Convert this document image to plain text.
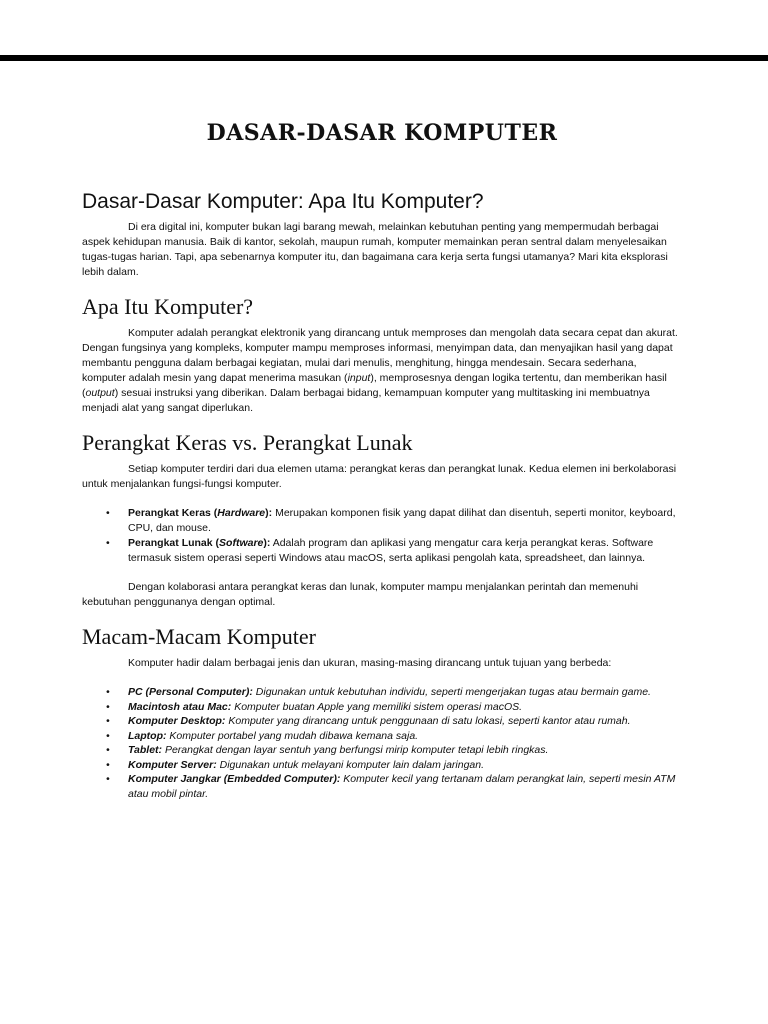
DASAR-DASAR KOMPUTER
Dasar-Dasar Komputer: Apa Itu Komputer?

Di era digital ini, komputer bukan lagi barang mewah, melainkan kebutuhan penting yang mempermudah berbagai aspek kehidupan manusia. Baik di kantor, sekolah, maupun rumah, komputer memainkan peran sentral dalam menyelesaikan tugas-tugas harian. Tapi, apa sebenarnya komputer itu, dan bagaimana cara kerja serta fungsi utamanya? Mari kita eksplorasi lebih dalam.

Apa Itu Komputer?

Komputer adalah perangkat elektronik yang dirancang untuk memproses dan mengolah data secara cepat dan akurat. Dengan fungsinya yang kompleks, komputer mampu memproses informasi, menyimpan data, dan menyajikan hasil yang dapat membantu pengguna dalam berbagai kegiatan, mulai dari menulis, menghitung, hingga mendesain. Secara sederhana, komputer adalah mesin yang dapat menerima masukan (input), memprosesnya dengan logika tertentu, dan memberikan hasil (output) sesuai instruksi yang diberikan. Dalam berbagai bidang, kemampuan komputer yang multitasking ini membuatnya menjadi alat yang sangat diperlukan.

Perangkat Keras vs. Perangkat Lunak

Setiap komputer terdiri dari dua elemen utama: perangkat keras dan perangkat lunak. Kedua elemen ini berkolaborasi untuk menjalankan fungsi-fungsi komputer.

• Perangkat Keras (Hardware): Merupakan komponen fisik yang dapat dilihat dan disentuh, seperti monitor, keyboard, CPU, dan mouse.
• Perangkat Lunak (Software): Adalah program dan aplikasi yang mengatur cara kerja perangkat keras. Software termasuk sistem operasi seperti Windows atau macOS, serta aplikasi pengolah kata, spreadsheet, dan lainnya.

Dengan kolaborasi antara perangkat keras dan lunak, komputer mampu menjalankan perintah dan memenuhi kebutuhan penggunanya dengan optimal.

Macam-Macam Komputer

Komputer hadir dalam berbagai jenis dan ukuran, masing-masing dirancang untuk tujuan yang berbeda:

• PC (Personal Computer): Digunakan untuk kebutuhan individu, seperti mengerjakan tugas atau bermain game.
• Macintosh atau Mac: Komputer buatan Apple yang memiliki sistem operasi macOS.
• Komputer Desktop: Komputer yang dirancang untuk penggunaan di satu lokasi, seperti kantor atau rumah.
• Laptop: Komputer portabel yang mudah dibawa kemana saja.
• Tablet: Perangkat dengan layar sentuh yang berfungsi mirip komputer tetapi lebih ringkas.
• Komputer Server: Digunakan untuk melayani komputer lain dalam jaringan.
• Komputer Jangkar (Embedded Computer): Komputer kecil yang tertanam dalam perangkat lain, seperti mesin ATM atau mobil pintar.
